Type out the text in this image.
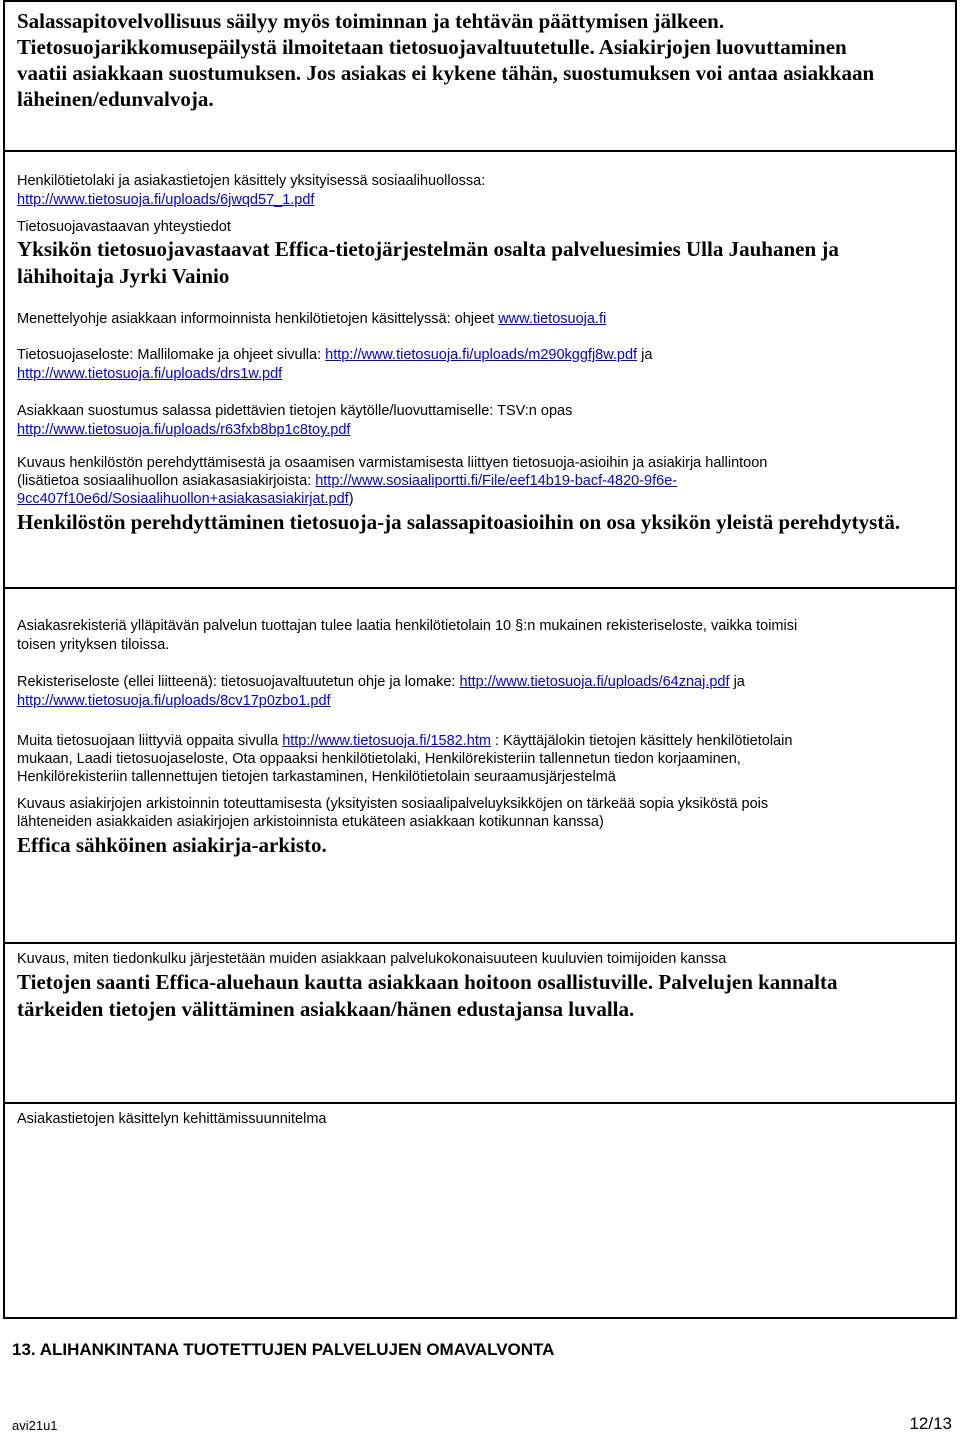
Salassapitovelvollisuus säilyy myös toiminnan ja tehtävän päättymisen jälkeen.
Tietosuojarikkomusepäilystä ilmoitetaan tietosuojavaltuutetulle. Asiakirjojen luovuttaminen
vaatii asiakkaan suostumuksen. Jos asiakas ei kykene tähän, suostumuksen voi antaa asiakkaan
läheinen/edunvalvoja.
Henkilötietolaki ja asiakastietojen käsittely yksityisessä sosiaalihuollossa:
http://www.tietosuoja.fi/uploads/6jwqd57_1.pdf
Tietosuojavastaavan yhteystiedot
Yksikön tietosuojavastaavat Effica-tietojärjestelmän osalta palveluesimies Ulla Jauhanen ja
lähihoitaja Jyrki Vainio
Menettelyohje asiakkaan informoinnista henkilötietojen käsittelyssä: ohjeet www.tietosuoja.fi
Tietosuojaseloste: Mallilomake ja ohjeet sivulla: http://www.tietosuoja.fi/uploads/m290kggfj8w.pdf ja
http://www.tietosuoja.fi/uploads/drs1w.pdf
Asiakkaan suostumus salassa pidettävien tietojen käytölle/luovuttamiselle: TSV:n opas
http://www.tietosuoja.fi/uploads/r63fxb8bp1c8toy.pdf
Kuvaus henkilöstön perehdyttämisestä ja osaamisen varmistamisesta liittyen tietosuoja-asioihin ja asiakirja hallintoon
(lisätietoa sosiaalihuollon asiakasasiakirjoista: http://www.sosiaaliportti.fi/File/eef14b19-bacf-4820-9f6e-
9cc407f10e6d/Sosiaalihuollon+asiakasasiakirjat.pdf)
Henkilöstön perehdyttäminen tietosuoja-ja salassapitoasioihin on osa yksikön yleistä perehdytystä.
Asiakasrekisteriä ylläpitävän palvelun tuottajan tulee laatia henkilötietolain 10 §:n mukainen rekisteriseloste, vaikka toimisi
toisen yrityksen tiloissa.
Rekisteriseloste (ellei liitteenä): tietosuojavaltuutetun ohje ja lomake: http://www.tietosuoja.fi/uploads/64znaj.pdf ja
http://www.tietosuoja.fi/uploads/8cv17p0zbo1.pdf
Muita tietosuojaan liittyviä oppaita sivulla http://www.tietosuoja.fi/1582.htm : Käyttäjälokin tietojen käsittely henkilötietolain
mukaan, Laadi tietosuojaseloste, Ota oppaaksi henkilötietolaki, Henkilörekisteriin tallennetun tiedon korjaaminen,
Henkilörekisteriin tallennettujen tietojen tarkastaminen, Henkilötietolain seuraamusjärjestelmä
Kuvaus asiakirjojen arkistoinnin toteuttamisesta (yksityisten sosiaalipalveluyksikköjen on tärkeää sopia yksiköstä pois
lähteneiden asiakkaiden asiakirjojen arkistoinnista etukäteen asiakkaan kotikunnan kanssa)
Effica sähköinen asiakirja-arkisto.
Kuvaus, miten tiedonkulku järjestetään muiden asiakkaan palvelukokonaisuuteen kuuluvien toimijoiden kanssa
Tietojen saanti Effica-aluehaun kautta asiakkaan hoitoon osallistuville. Palvelujen kannalta
tärkeiden tietojen välittäminen asiakkaan/hänen edustajansa luvalla.
Asiakastietojen käsittelyn kehittämissuunnitelma
13. ALIHANKINTANA TUOTETTUJEN PALVELUJEN OMAVALVONTA
avi21u1	12/13
